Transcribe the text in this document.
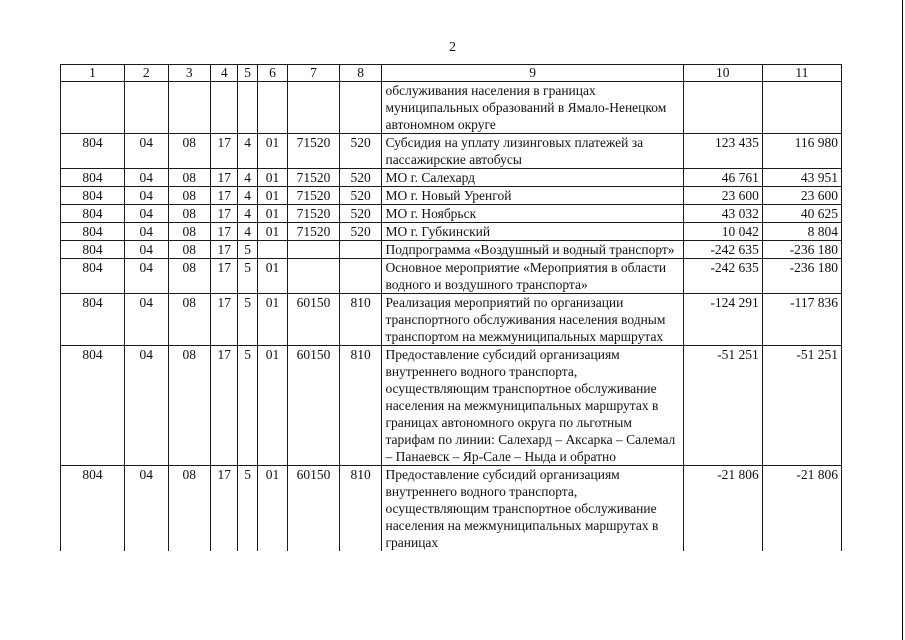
2
1	2	3	4	5	6	7	8	9	10	11
								обслуживания населения в границах муниципальных образований в Ямало-Ненецком автономном округе		
804	04	08	17	4	01	71520	520	Субсидия на уплату лизинговых платежей за пассажирские автобусы	123 435	116 980
804	04	08	17	4	01	71520	520	МО г. Салехард	46 761	43 951
804	04	08	17	4	01	71520	520	МО г. Новый Уренгой	23 600	23 600
804	04	08	17	4	01	71520	520	МО г. Ноябрьск	43 032	40 625
804	04	08	17	4	01	71520	520	МО г. Губкинский	10 042	8 804
804	04	08	17	5				Подпрограмма «Воздушный и водный транспорт»	-242 635	-236 180
804	04	08	17	5	01			Основное мероприятие «Мероприятия в области водного и воздушного транспорта»	-242 635	-236 180
804	04	08	17	5	01	60150	810	Реализация мероприятий по организации транспортного обслуживания населения водным транспортом на межмуниципальных маршрутах	-124 291	-117 836
804	04	08	17	5	01	60150	810	Предоставление субсидий организациям внутреннего водного транспорта, осуществляющим транспортное обслуживание населения на межмуниципальных маршрутах в границах автономного округа по льготным тарифам по линии: Салехард – Аксарка – Салемал – Панаевск – Яр-Сале – Ныда и обратно	-51 251	-51 251
804	04	08	17	5	01	60150	810	Предоставление субсидий организациям внутреннего водного транспорта, осуществляющим транспортное обслуживание населения на межмуниципальных маршрутах в границах	-21 806	-21 806
